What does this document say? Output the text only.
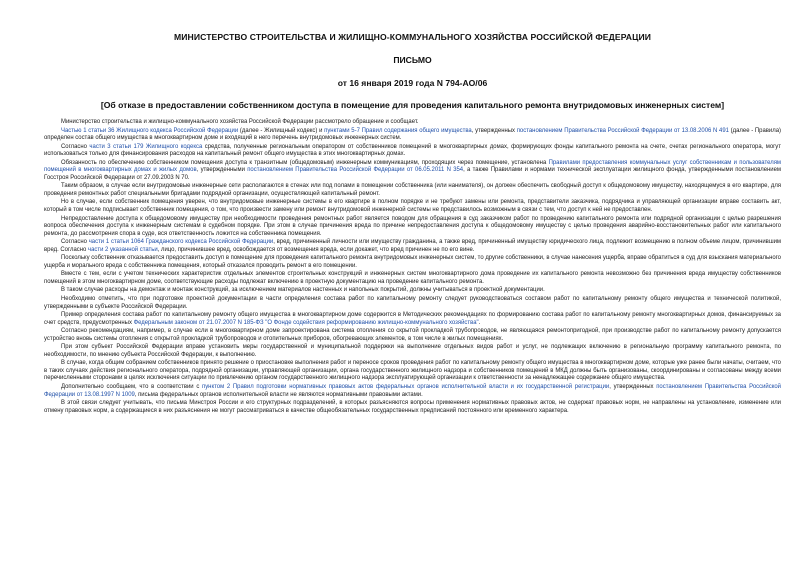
МИНИСТЕРСТВО СТРОИТЕЛЬСТВА И ЖИЛИЩНО-КОММУНАЛЬНОГО ХОЗЯЙСТВА РОССИЙСКОЙ ФЕДЕРАЦИИ
ПИСЬМО
от 16 января 2019 года N 794-АО/06
[Об отказе в предоставлении собственником доступа в помещение для проведения капитального ремонта внутридомовых инженерных систем]

Министерство строительства и жилищно-коммунального хозяйства Российской Федерации рассмотрело обращение и сообщает.

Частью 1 статьи 36 Жилищного кодекса Российской Федерации (далее - Жилищный кодекс) и пунктами 5-7 Правил содержания общего имущества, утвержденных постановлением Правительства Российской Федерации от 13.08.2006 N 491 (далее - Правила) определен состав общего имущества в многоквартирном доме и входящий в него перечень внутридомовых инженерных систем.

Согласно части 3 статьи 179 Жилищного кодекса средства, полученные региональным оператором от собственников помещений в многоквартирных домах, формирующих фонды капитального ремонта на счете, счетах регионального оператора, могут использоваться только для финансирования расходов на капитальный ремонт общего имущества в этих многоквартирных домах.

Обязанность по обеспечению собственником помещения доступа к транзитным (общедомовым) инженерным коммуникациям, проходящих через помещение, установлена Правилами предоставления коммунальных услуг собственникам и пользователям помещений в многоквартирных домах и жилых домов, утвержденными постановлением Правительства Российской Федерации от 06.05.2011 N 354, а также Правилами и нормами технической эксплуатации жилищного фонда, утвержденными постановлением Госстроя Российской Федерации от 27.09.2003 N 70.

Таким образом, в случае если внутридомовые инженерные сети располагаются в стенах или под полами в помещении собственника (или нанимателя), он должен обеспечить свободный доступ к общедомовому имуществу, находящемуся в его квартире, для проведения ремонтных работ специальными бригадами подрядной организации, осуществляющей капитальный ремонт.

Но в случае, если собственник помещения уверен, что внутридомовые инженерные системы в его квартире в полном порядке и не требуют замены или ремонта, представители заказчика, подрядчика и управляющей организации вправе составить акт, который в том числе подписывает собственник помещения, о том, что произвести замену или ремонт внутридомовой инженерной системы не представилось возможным в связи с тем, что доступ к ней не предоставлен.

Непредоставление доступа к общедомовому имуществу при необходимости проведения ремонтных работ является поводом для обращения в суд заказчиком работ по проведению капитального ремонта или подрядной организации с целью разрешения вопроса обеспечения доступа к инженерным системам в судебном порядке. При этом в случае причинения вреда по причине непредоставления доступа к общедомовому имуществу с целью проведения аварийно-восстановительных работ или капитального ремонта, до рассмотрения спора в суде, вся ответственность ложится на собственника помещения.

Согласно части 1 статьи 1064 Гражданского кодекса Российской Федерации, вред, причиненный личности или имуществу гражданина, а также вред, причиненный имуществу юридического лица, подлежит возмещению в полном объеме лицом, причинившим вред. Согласно части 2 указанной статьи, лицо, причинившее вред, освобождается от возмещения вреда, если докажет, что вред причинен не по его вине.

Поскольку собственник отказывается предоставить доступ в помещение для проведения капитального ремонта внутридомовых инженерных систем, то другие собственники, в случае нанесения ущерба, вправе обратиться в суд для взыскания материального ущерба и морального вреда с собственника помещения, который отказался проводить ремонт в его помещении.

Вместе с тем, если с учетом технических характеристик отдельных элементов строительных конструкций и инженерных систем многоквартирного дома проведение их капитального ремонта невозможно без причинения вреда имуществу собственников помещений в этом многоквартирном доме, соответствующие расходы подлежат включению в проектную документацию на проведение капитального ремонта.

В таком случае расходы на демонтаж и монтаж конструкций, за исключением материалов настенных и напольных покрытий, должны учитываться в проектной документации.

Необходимо отметить, что при подготовке проектной документации в части определения состава работ по капитальному ремонту следует руководствоваться составом работ по капитальному ремонту общего имущества и технической политикой, утвержденными в субъекте Российской Федерации.

Пример определения состава работ по капитальному ремонту общего имущества в многоквартирном доме содержится в Методических рекомендациях по формированию состава работ по капитальному ремонту многоквартирных домов, финансируемых за счет средств, предусмотренных Федеральным законом от 21.07.2007 N 185-ФЗ "О Фонде содействия реформированию жилищно-коммунального хозяйства".

Согласно рекомендациям, например, в случае если в многоквартирном доме запроектирована система отопления со скрытой прокладкой трубопроводов, не являющаяся ремонтопригодной, при производстве работ по капитальному ремонту допускается устройство вновь системы отопления с открытой прокладкой трубопроводов и отопительных приборов, обогревающих элементов, в том числе в жилых помещениях.

При этом субъект Российской Федерации вправе установить меры государственной и муниципальной поддержки на выполнение отдельных видов работ и услуг, не подлежащих включению в региональную программу капитального ремонта, по необходимости, по мнению субъекта Российской Федерации, к выполнению.

В случае, когда общим собранием собственников принято решение о приостановке выполнения работ и переносе сроков проведения работ по капитальному ремонту общего имущества в многоквартирном доме, которые уже ранее были начаты, считаем, что в таких случаях действия регионального оператора, подрядной организации, управляющей организации, органа государственного жилищного надзора и собственников помещений в МКД должны быть организованы, скоординированы и согласованы между всеми перечисленными сторонами в целях исключения ситуации по привлечению органом государственного жилищного надзора эксплуатирующей организации к ответственности за ненадлежащее содержание общего имущества.

Дополнительно сообщаем, что в соответствии с пунктом 2 Правил подготовки нормативных правовых актов федеральных органов исполнительной власти и их государственной регистрации, утвержденных постановлением Правительства Российской Федерации от 13.08.1997 N 1009, письма федеральных органов исполнительной власти не являются нормативными правовыми актами.

В этой связи следует учитывать, что письма Минстроя России и его структурных подразделений, в которых разъясняются вопросы применения нормативных правовых актов, не содержат правовых норм, не направлены на установление, изменение или отмену правовых норм, а содержащиеся в них разъяснения не могут рассматриваться в качестве общеобязательных государственных предписаний постоянного или временного характера.
